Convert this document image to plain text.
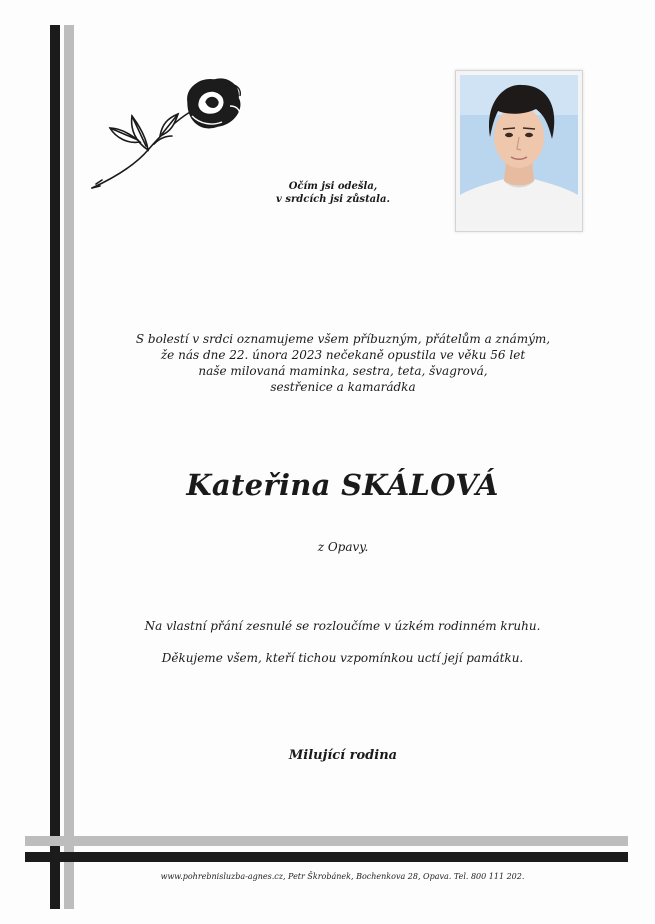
Očím jsi odešla,
v srdcích jsi zůstala.
S bolestí v srdci oznamujeme všem příbuzným, přátelům a známým,
že nás dne 22. února 2023 nečekaně opustila ve věku 56 let
naše milovaná maminka, sestra, teta, švagrová,
sestřenice a kamarádka
Kateřina SKÁLOVÁ
z Opavy.
Na vlastní přání zesnulé se rozloučíme v úzkém rodinném kruhu.
Děkujeme všem, kteří tichou vzpomínkou uctí její památku.
Milující rodina
www.pohrebnisluzba-agnes.cz, Petr Škrobánek, Bochenkova 28, Opava. Tel. 800 111 202.
